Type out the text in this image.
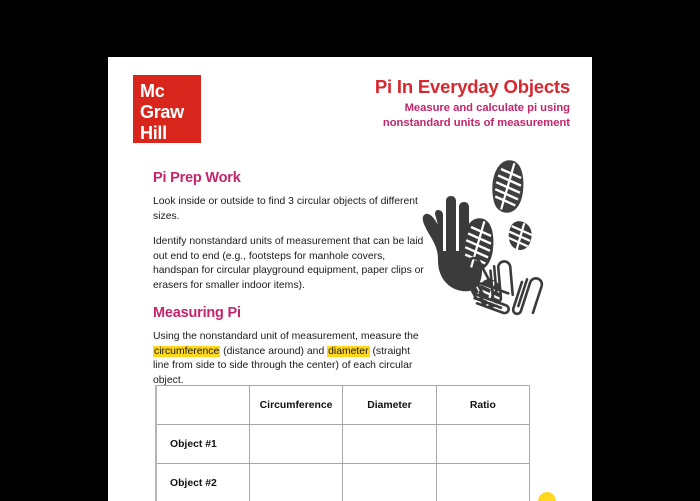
Mc
Graw
Hill
Pi In Everyday Objects

Measure and calculate pi using
nonstandard units of measurement

Pi Prep Work

Look inside or outside to find 3 circular objects of different sizes.

Identify nonstandard units of measurement that can be laid out end to end (e.g., footsteps for manhole covers, handspan for circular playground equipment, paper clips or erasers for smaller indoor items).

Measuring Pi

Using the nonstandard unit of measurement, measure the circumference (distance around) and diameter (straight line from side to side through the center) of each circular object.

	Circumference	Diameter	Ratio
Object #1			
Object #2			
